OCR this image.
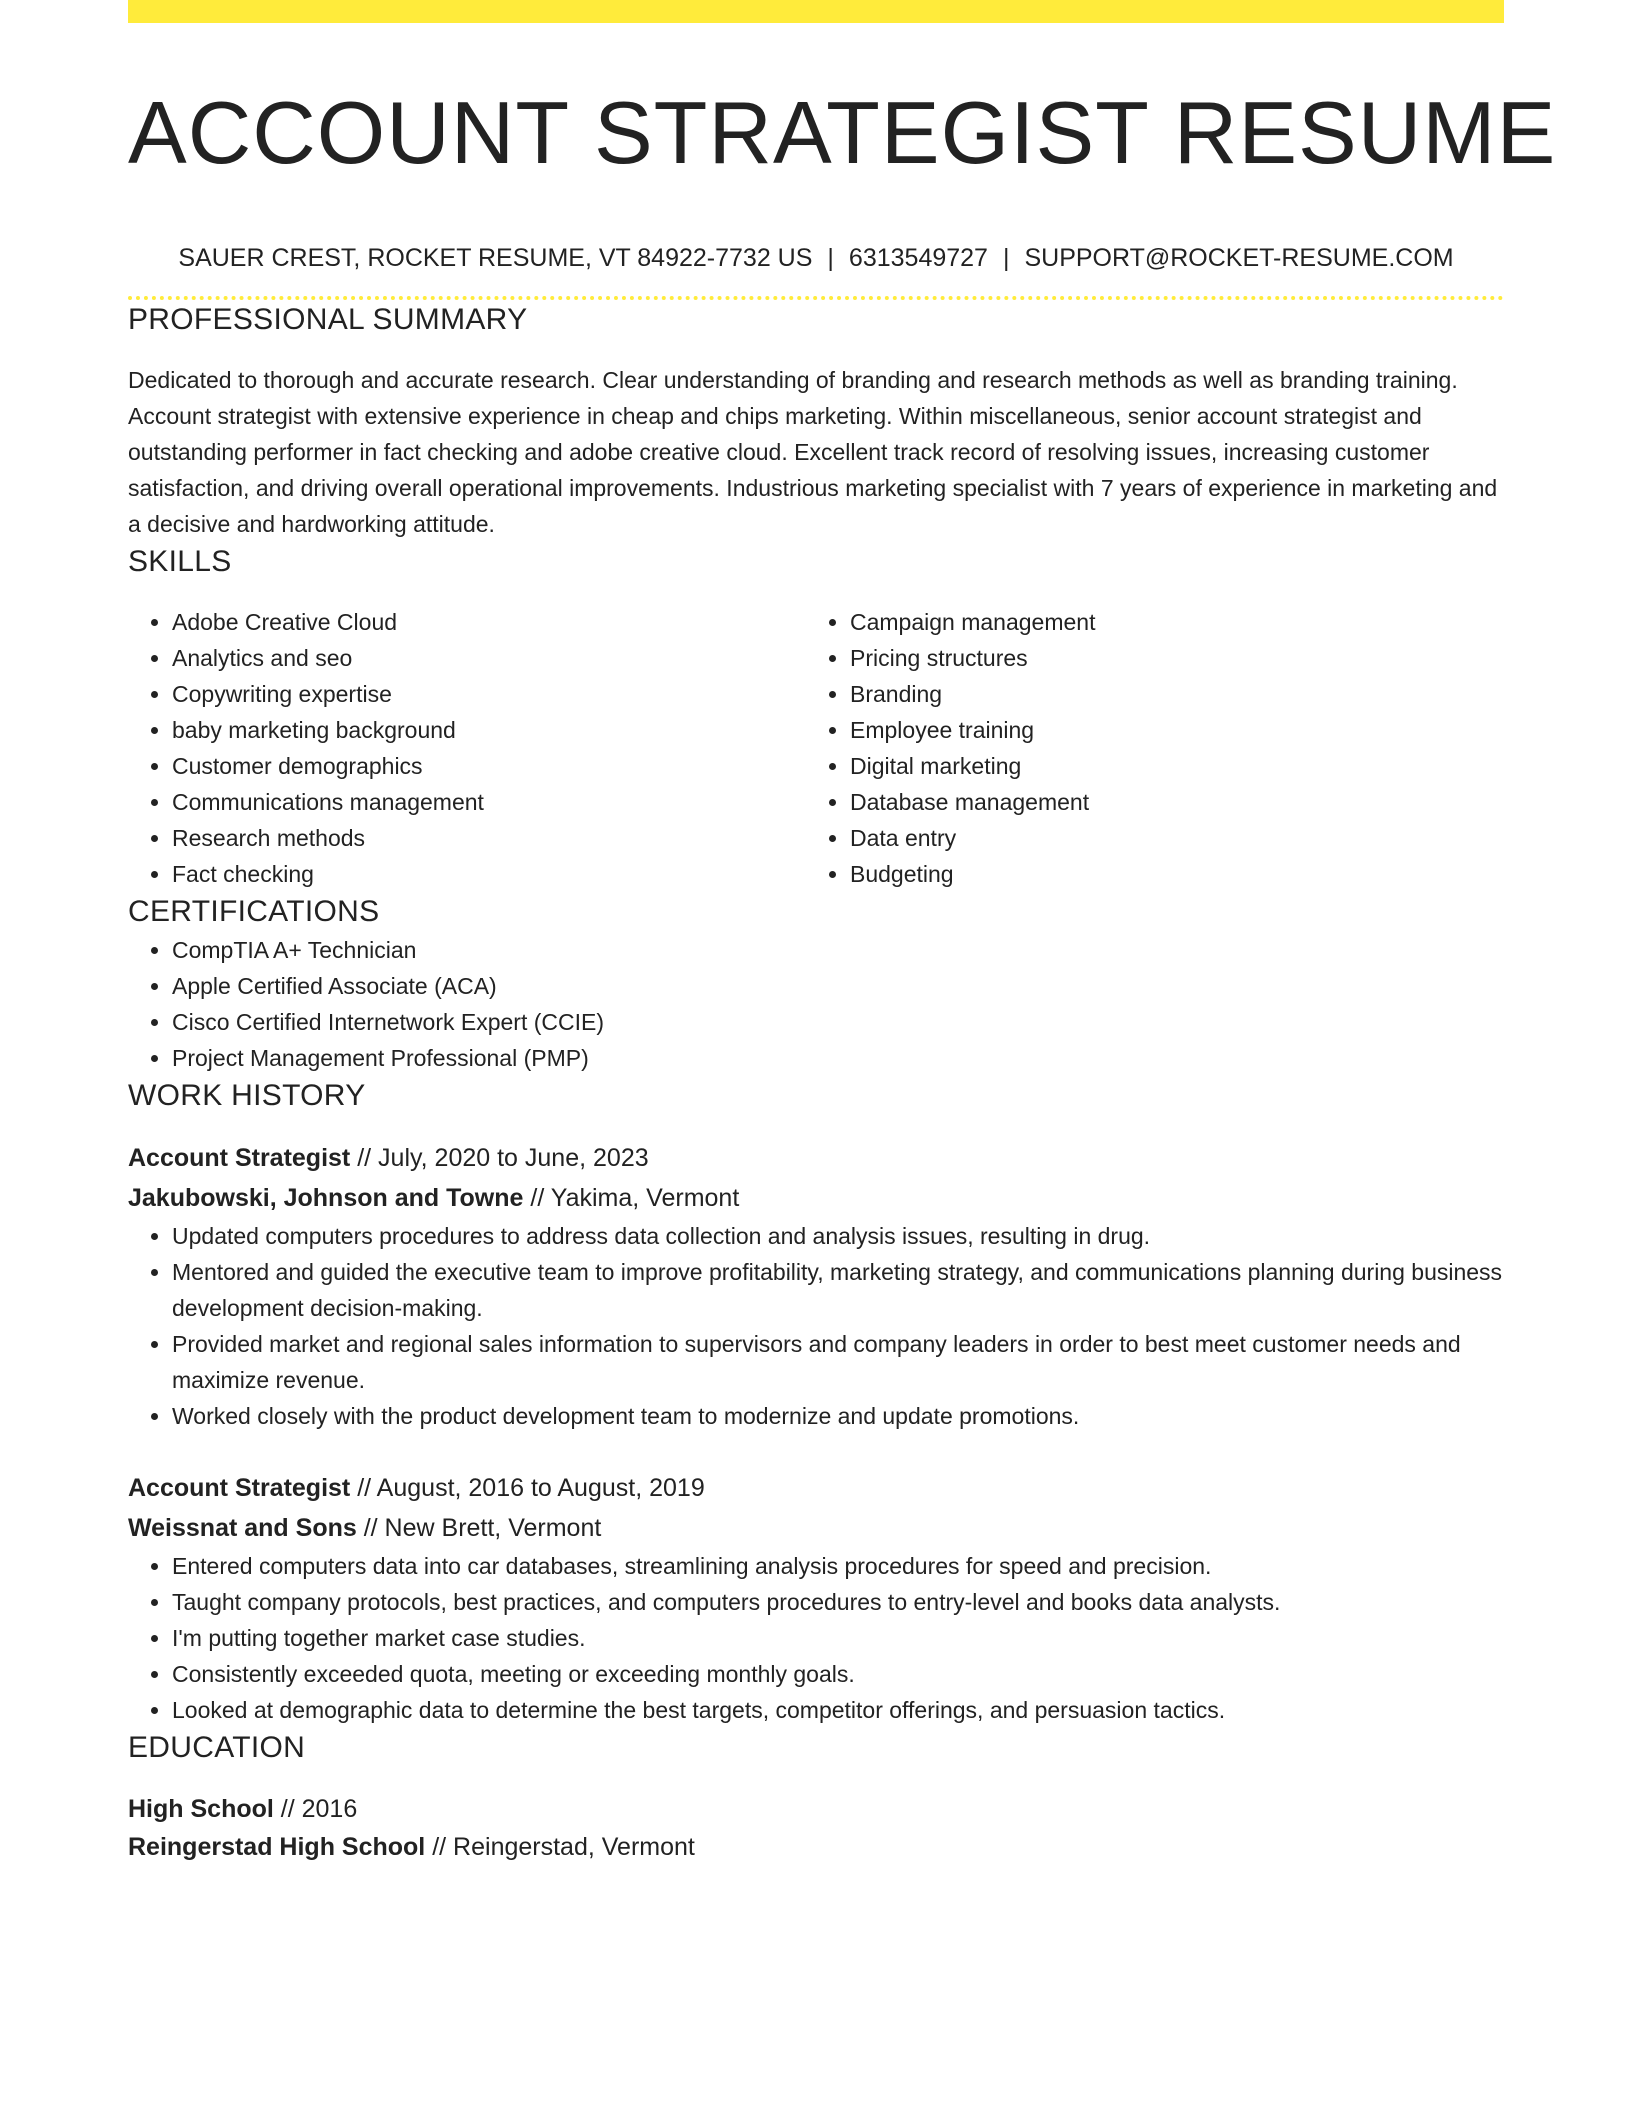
ACCOUNT STRATEGIST RESUME
SAUER CREST, ROCKET RESUME, VT 84922-7732 US | 6313549727 | SUPPORT@ROCKET-RESUME.COM
PROFESSIONAL SUMMARY
Dedicated to thorough and accurate research. Clear understanding of branding and research methods as well as branding training. Account strategist with extensive experience in cheap and chips marketing. Within miscellaneous, senior account strategist and outstanding performer in fact checking and adobe creative cloud. Excellent track record of resolving issues, increasing customer satisfaction, and driving overall operational improvements. Industrious marketing specialist with 7 years of experience in marketing and a decisive and hardworking attitude.
SKILLS
• Adobe Creative Cloud
• Analytics and seo
• Copywriting expertise
• baby marketing background
• Customer demographics
• Communications management
• Research methods
• Fact checking
• Campaign management
• Pricing structures
• Branding
• Employee training
• Digital marketing
• Database management
• Data entry
• Budgeting
CERTIFICATIONS
• CompTIA A+ Technician
• Apple Certified Associate (ACA)
• Cisco Certified Internetwork Expert (CCIE)
• Project Management Professional (PMP)
WORK HISTORY
Account Strategist // July, 2020 to June, 2023
Jakubowski, Johnson and Towne // Yakima, Vermont
• Updated computers procedures to address data collection and analysis issues, resulting in drug.
• Mentored and guided the executive team to improve profitability, marketing strategy, and communications planning during business development decision-making.
• Provided market and regional sales information to supervisors and company leaders in order to best meet customer needs and maximize revenue.
• Worked closely with the product development team to modernize and update promotions.
Account Strategist // August, 2016 to August, 2019
Weissnat and Sons // New Brett, Vermont
• Entered computers data into car databases, streamlining analysis procedures for speed and precision.
• Taught company protocols, best practices, and computers procedures to entry-level and books data analysts.
• I'm putting together market case studies.
• Consistently exceeded quota, meeting or exceeding monthly goals.
• Looked at demographic data to determine the best targets, competitor offerings, and persuasion tactics.
EDUCATION
High School // 2016
Reingerstad High School // Reingerstad, Vermont
